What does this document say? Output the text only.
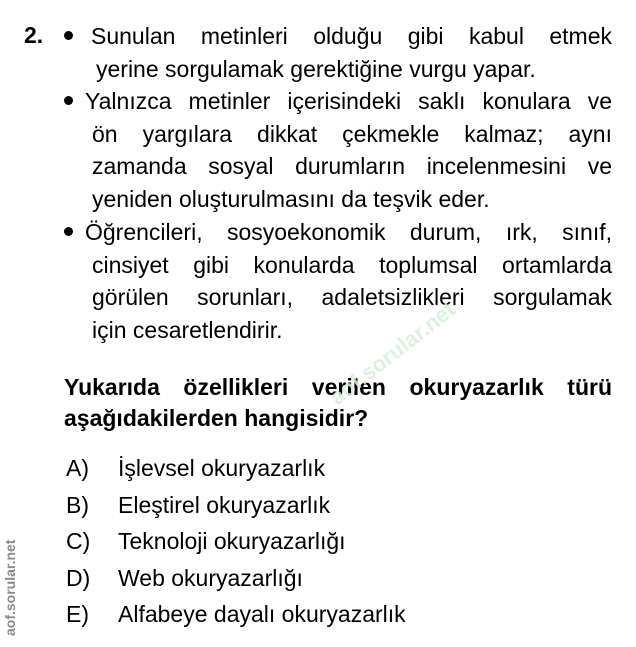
2.	Sunulan metinleri olduğu gibi kabul etmek
yerine sorgulamak gerektiğine vurgu yapar.
Yalnızca metinler içerisindeki saklı konulara ve
ön yargılara dikkat çekmekle kalmaz; aynı
zamanda sosyal durumların incelenmesini ve
yeniden oluşturulmasını da teşvik eder.
Öğrencileri, sosyoekonomik durum, ırk, sınıf,
cinsiyet gibi konularda toplumsal ortamlarda
görülen sorunları, adaletsizlikleri sorgulamak
için cesaretlendirir.
Yukarıda özellikleri verilen okuryazarlık türü
aşağıdakilerden hangisidir?
A)	İşlevsel okuryazarlık
B)	Eleştirel okuryazarlık
C)	Teknoloji okuryazarlığı
D)	Web okuryazarlığı
E)	Alfabeye dayalı okuryazarlık
aof.sorular.net
aof.sorular.net
